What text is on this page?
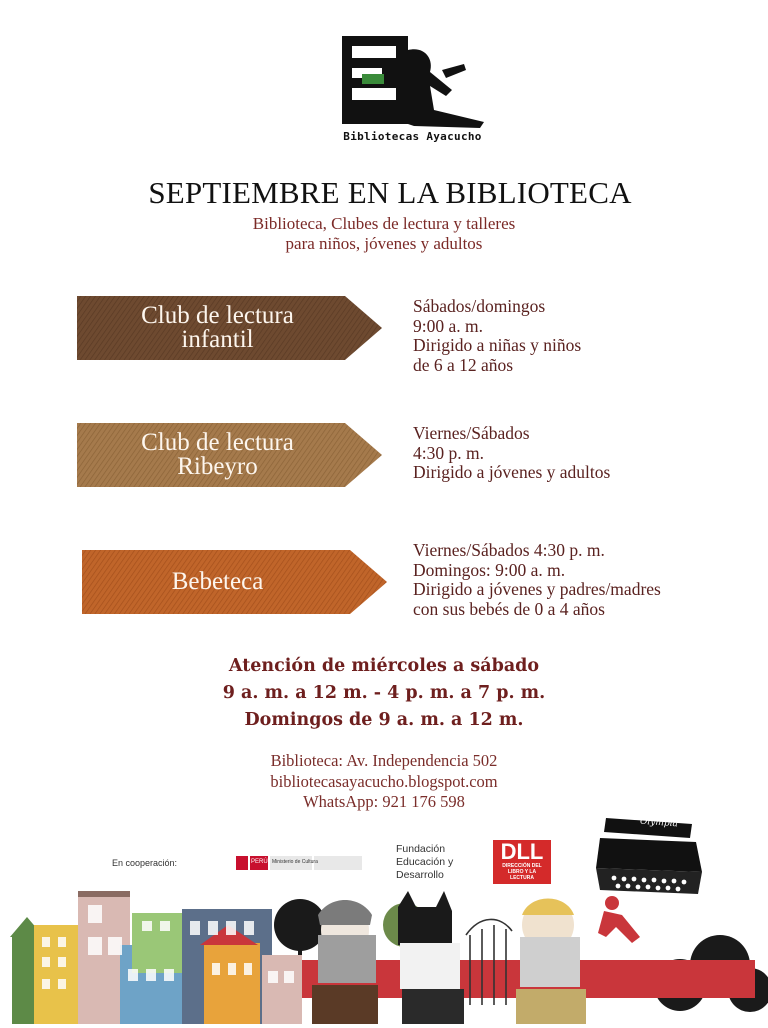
Bibliotecas Ayacucho
SEPTIEMBRE EN LA BIBLIOTECA
Biblioteca, Clubes de lectura y talleres
para niños, jóvenes y adultos
Club de lectura
infantil
Sábados/domingos
9:00 a. m.
Dirigido a niñas y niños
de 6 a 12 años
Club de lectura
Ribeyro
Viernes/Sábados
4:30 p. m.
Dirigido a jóvenes y adultos
Bebeteca
Viernes/Sábados 4:30 p. m.
Domingos: 9:00 a. m.
Dirigido a jóvenes y padres/madres
con sus bebés de 0 a 4 años
Atención de miércoles a sábado
9 a. m. a 12 m. - 4 p. m. a 7 p. m.
Domingos de 9 a. m. a 12 m.
Biblioteca: Av. Independencia 502
bibliotecasayacucho.blogspot.com
WhatsApp: 921 176 598
En cooperación:	PERÚ Ministerio de Cultura
Fundación
Educación y
Desarrollo
DLL
DIRECCIÓN DEL
LIBRO Y LA
LECTURA
Olympia
